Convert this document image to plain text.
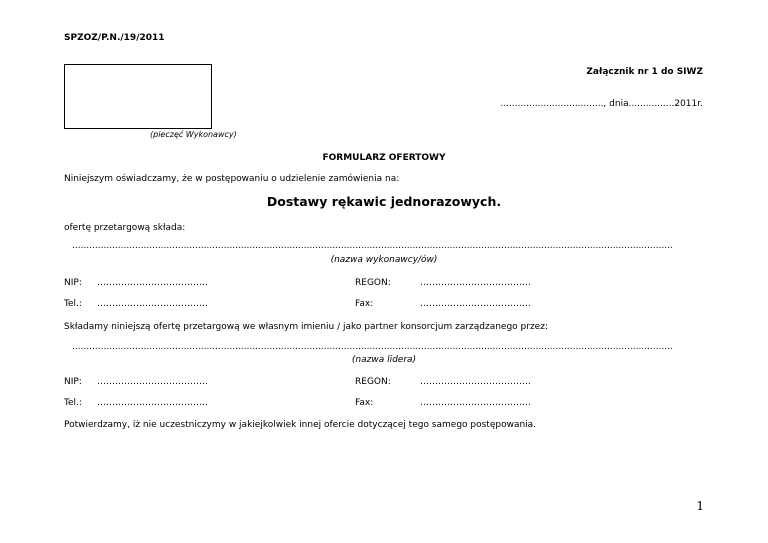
SPZOZ/P.N./19/2011
Załącznik nr 1 do SIWZ
...................................., dnia................2011r.
(pieczęć Wykonawcy)
FORMULARZ OFERTOWY
Niniejszym oświadczamy, że w postępowaniu o udzielenie zamówienia na:
Dostawy rękawic jednorazowych.
ofertę przetargową składa:
..................................................................................................................................................................................................................
(nazwa wykonawcy/ów)
NIP: ……………………………….	REGON:	……………………………….
Tel.: ……………………………….	Fax:	……………………………….
Składamy niniejszą ofertę przetargową we własnym imieniu / jako partner konsorcjum zarządzanego przez:
..................................................................................................................................................................................................................
(nazwa lidera)
NIP: ……………………………….	REGON:	……………………………….
Tel.: ……………………………….	Fax:	……………………………….
Potwierdzamy, iż nie uczestniczymy w jakiejkolwiek innej ofercie dotyczącej tego samego postępowania.
1
